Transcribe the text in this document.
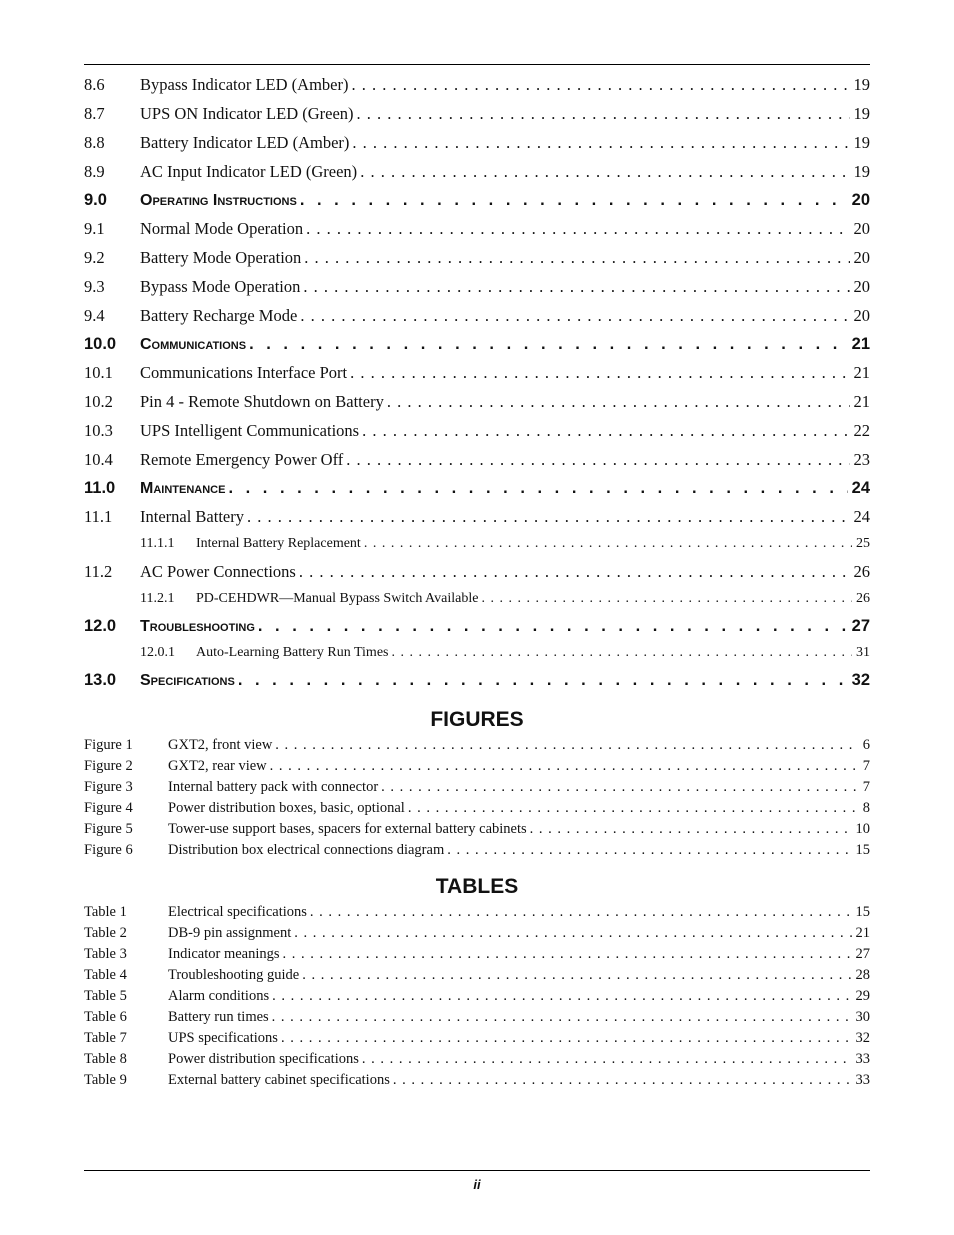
8.6	Bypass Indicator LED (Amber) . . .	19
8.7	UPS ON Indicator LED (Green) . . .	19
8.8	Battery Indicator LED (Amber) . . .	19
8.9	AC Input Indicator LED (Green) . . .	19
9.0	Operating Instructions . . .	20
9.1	Normal Mode Operation . . .	20
9.2	Battery Mode Operation . . .	20
9.3	Bypass Mode Operation . . .	20
9.4	Battery Recharge Mode . . .	20
10.0	Communications . . .	21
10.1	Communications Interface Port . . .	21
10.2	Pin 4 - Remote Shutdown on Battery . . .	21
10.3	UPS Intelligent Communications . . .	22
10.4	Remote Emergency Power Off . . .	23
11.0	Maintenance . . .	24
11.1	Internal Battery . . .	24
11.1.1	Internal Battery Replacement . . .	25
11.2	AC Power Connections . . .	26
11.2.1	PD-CEHDWR—Manual Bypass Switch Available . . .	26
12.0	Troubleshooting . . .	27
12.0.1	Auto-Learning Battery Run Times . . .	31
13.0	Specifications . . .	32
FIGURES
Figure 1	GXT2, front view . . .	6
Figure 2	GXT2, rear view . . .	7
Figure 3	Internal battery pack with connector . . .	7
Figure 4	Power distribution boxes, basic, optional . . .	8
Figure 5	Tower-use support bases, spacers for external battery cabinets . . .	10
Figure 6	Distribution box electrical connections diagram . . .	15
TABLES
Table 1	Electrical specifications . . .	15
Table 2	DB-9 pin assignment . . .	21
Table 3	Indicator meanings . . .	27
Table 4	Troubleshooting guide . . .	28
Table 5	Alarm conditions . . .	29
Table 6	Battery run times . . .	30
Table 7	UPS specifications . . .	32
Table 8	Power distribution specifications . . .	33
Table 9	External battery cabinet specifications . . .	33
ii
